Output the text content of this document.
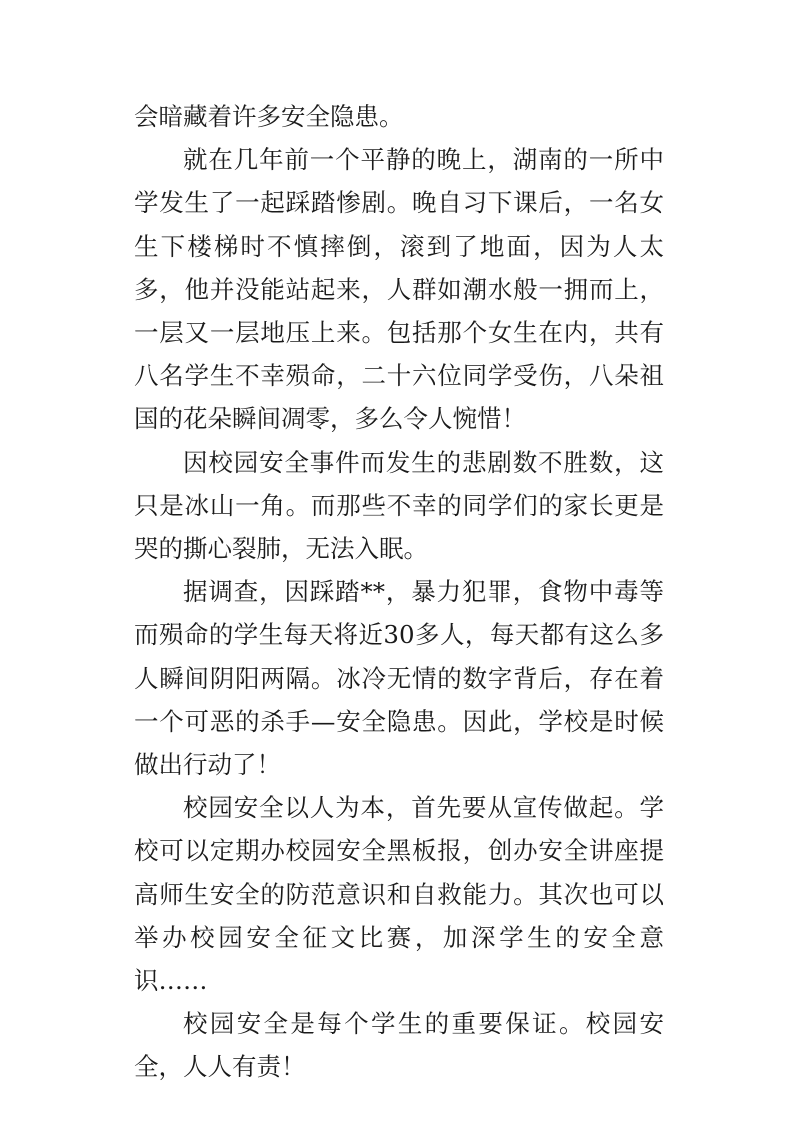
会暗藏着许多安全隐患。

就在几年前一个平静的晚上，湖南的一所中学发生了一起踩踏惨剧。晚自习下课后，一名女生下楼梯时不慎摔倒，滚到了地面，因为人太多，他并没能站起来，人群如潮水般一拥而上，一层又一层地压上来。包括那个女生在内，共有八名学生不幸殒命，二十六位同学受伤，八朵祖国的花朵瞬间凋零，多么令人惋惜！

因校园安全事件而发生的悲剧数不胜数，这只是冰山一角。而那些不幸的同学们的家长更是哭的撕心裂肺，无法入眠。

据调查，因踩踏**，暴力犯罪，食物中毒等而殒命的学生每天将近30多人，每天都有这么多人瞬间阴阳两隔。冰冷无情的数字背后，存在着一个可恶的杀手—安全隐患。因此，学校是时候做出行动了！

校园安全以人为本，首先要从宣传做起。学校可以定期办校园安全黑板报，创办安全讲座提高师生安全的防范意识和自救能力。其次也可以举办校园安全征文比赛，加深学生的安全意识……

校园安全是每个学生的重要保证。校园安全，人人有责！
